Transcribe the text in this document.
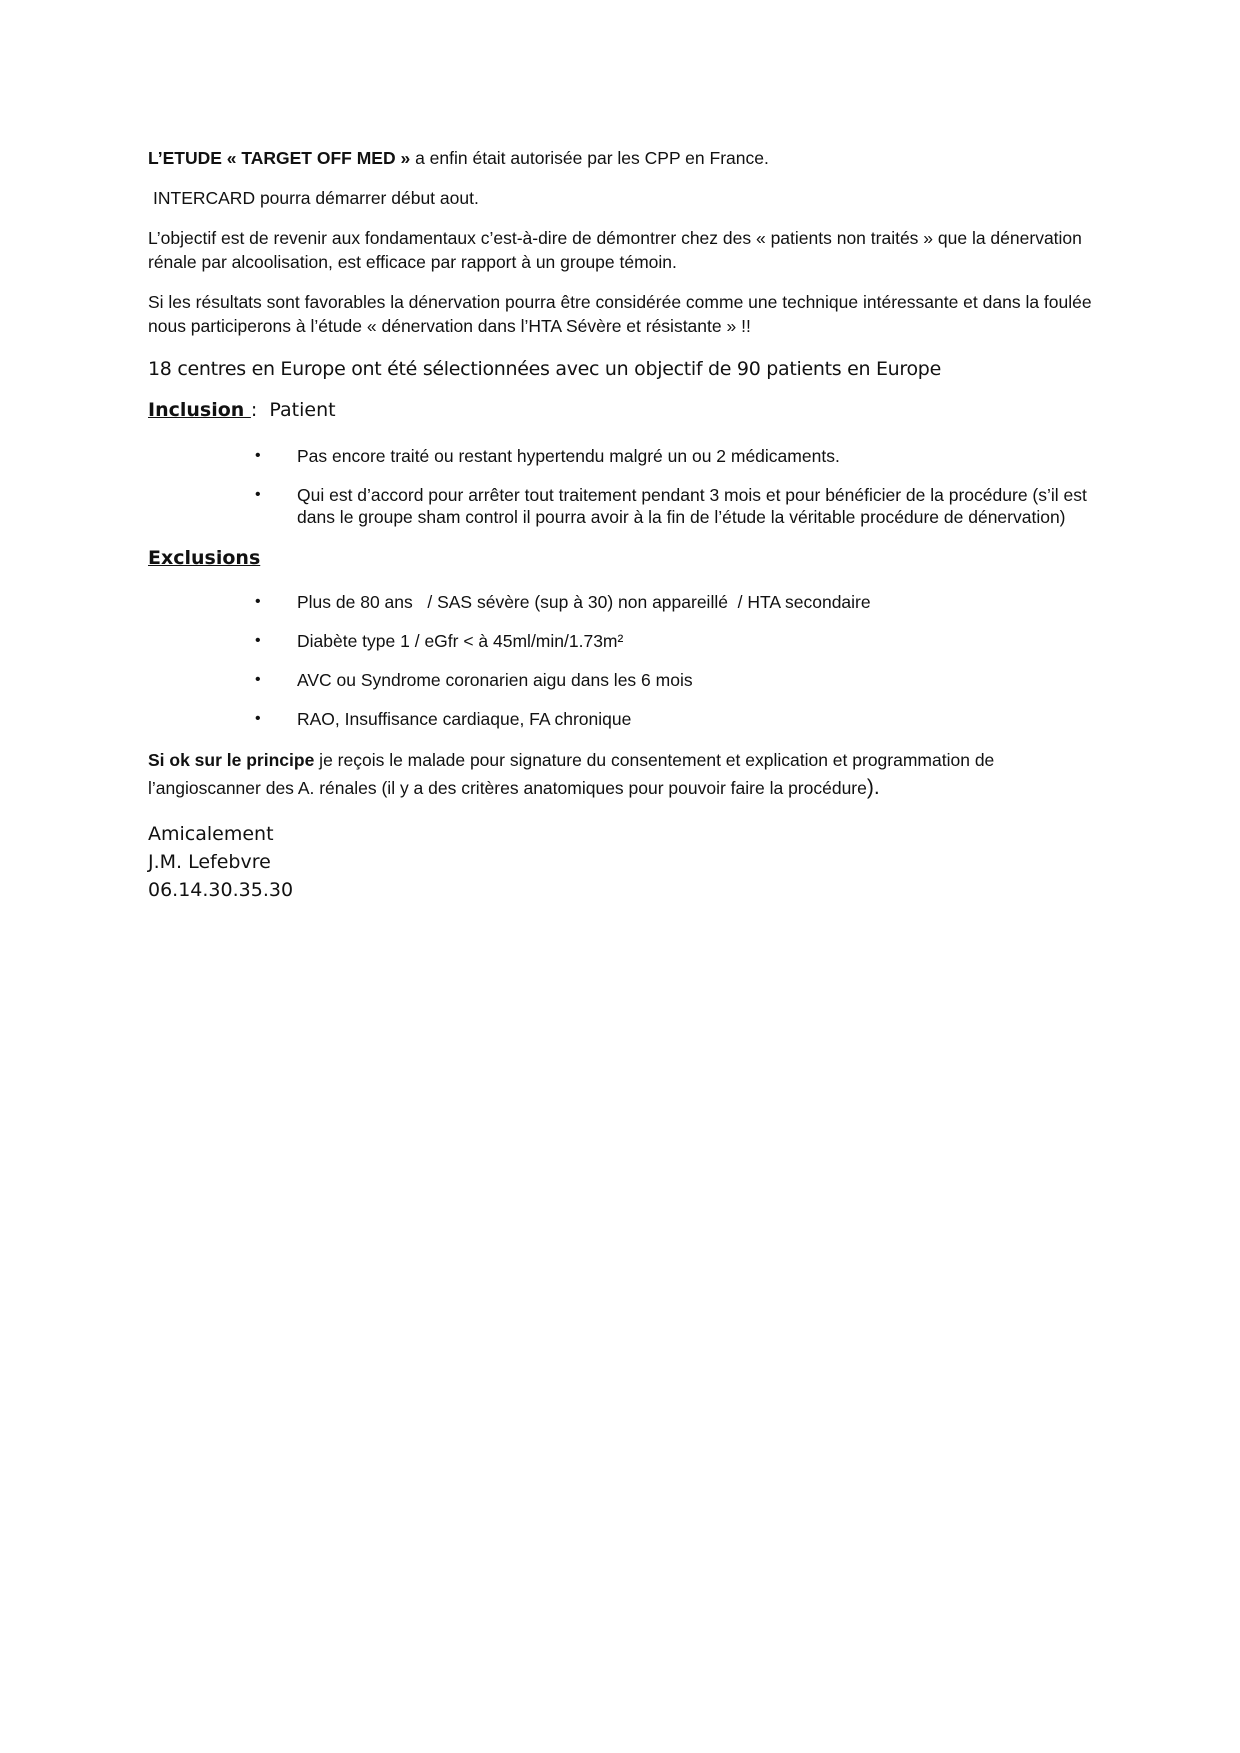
L’ETUDE « TARGET OFF MED » a enfin était autorisée par les CPP en France.

INTERCARD pourra démarrer début aout.

L’objectif est de revenir aux fondamentaux c’est-à-dire de démontrer chez des « patients non traités » que la dénervation rénale par alcoolisation, est efficace par rapport à un groupe témoin.

Si les résultats sont favorables la dénervation pourra être considérée comme une technique intéressante et dans la foulée nous participerons à l’étude « dénervation dans l’HTA Sévère et résistante » !!

18 centres en Europe ont été sélectionnées avec un objectif de 90 patients en Europe

Inclusion : Patient

• Pas encore traité ou restant hypertendu malgré un ou 2 médicaments.
• Qui est d’accord pour arrêter tout traitement pendant 3 mois et pour bénéficier de la procédure (s’il est dans le groupe sham control il pourra avoir à la fin de l’étude la véritable procédure de dénervation)

Exclusions

• Plus de 80 ans   / SAS sévère (sup à 30) non appareillé  / HTA secondaire
• Diabète type 1 / eGfr < à 45ml/min/1.73m²
• AVC ou Syndrome coronarien aigu dans les 6 mois
• RAO, Insuffisance cardiaque, FA chronique

Si ok sur le principe je reçois le malade pour signature du consentement et explication et programmation de l’angioscanner des A. rénales (il y a des critères anatomiques pour pouvoir faire la procédure).

Amicalement

J.M. Lefebvre

06.14.30.35.30
